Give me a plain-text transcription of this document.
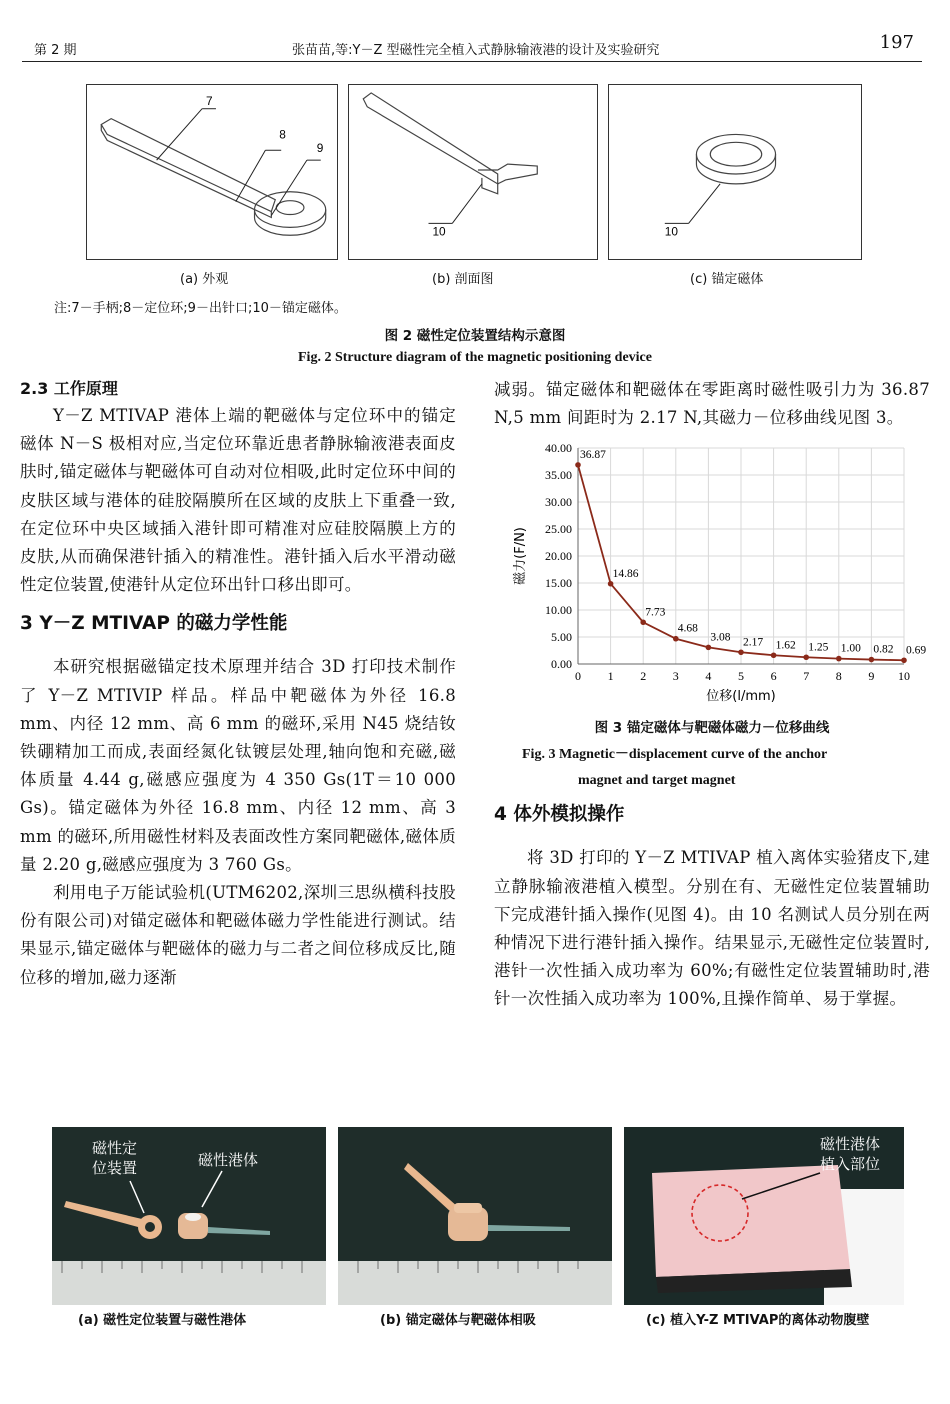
第 2 期	张苗苗,等:Y－Z 型磁性完全植入式静脉输液港的设计及实验研究	197
7
8
9
10	10
(a) 外观	(b) 剖面图	(c) 锚定磁体
注:7－手柄;8－定位环;9－出针口;10－锚定磁体。
图 2 磁性定位装置结构示意图
Fig. 2 Structure diagram of the magnetic positioning device
2.3 工作原理

Y－Z MTIVAP 港体上端的靶磁体与定位环中的锚定磁体 N－S 极相对应,当定位环靠近患者静脉输液港表面皮肤时,锚定磁体与靶磁体可自动对位相吸,此时定位环中间的皮肤区域与港体的硅胶隔膜所在区域的皮肤上下重叠一致,在定位环中央区域插入港针即可精准对应硅胶隔膜上方的皮肤,从而确保港针插入的精准性。港针插入后水平滑动磁性定位装置,使港针从定位环出针口移出即可。

3 Y－Z MTIVAP 的磁力学性能

本研究根据磁锚定技术原理并结合 3D 打印技术制作了 Y－Z MTIVIP 样品。样品中靶磁体为外径 16.8 mm、内径 12 mm、高 6 mm 的磁环,采用 N45 烧结钕铁硼精加工而成,表面经氮化钛镀层处理,轴向饱和充磁,磁体质量 4.44 g,磁感应强度为 4 350 Gs(1T＝10 000 Gs)。锚定磁体为外径 16.8 mm、内径 12 mm、高 3 mm 的磁环,所用磁性材料及表面改性方案同靶磁体,磁体质量 2.20 g,磁感应强度为 3 760 Gs。

利用电子万能试验机(UTM6202,深圳三思纵横科技股份有限公司)对锚定磁体和靶磁体磁力学性能进行测试。结果显示,锚定磁体与靶磁体的磁力与二者之间位移成反比,随位移的增加,磁力逐渐

减弱。锚定磁体和靶磁体在零距离时磁性吸引力为 36.87 N,5 mm 间距时为 2.17 N,其磁力－位移曲线见图 3。

0.00
5.00
10.00
15.00
20.00
25.00
30.00
35.00
40.00
0 1 2 3 4 5 6 7 8 9 10
36.87
14.86
7.73
4.68
3.08 2.17 1.62 1.25 1.00 0.82 0.69
位移(l/mm)
磁力(F/N)
图 3 锚定磁体与靶磁体磁力－位移曲线
Fig. 3 Magnetic－displacement curve of the anchor
magnet and target magnet
4 体外模拟操作

将 3D 打印的 Y－Z MTIVAP 植入离体实验猪皮下,建立静脉输液港植入模型。分别在有、无磁性定位装置辅助下完成港针插入操作(见图 4)。由 10 名测试人员分别在两种情况下进行港针插入操作。结果显示,无磁性定位装置时,港针一次性插入成功率为 60%;有磁性定位装置辅助时,港针一次性插入成功率为 100%,且操作简单、易于掌握。

磁性定
位装置	磁性港体
磁性港体
植入部位
(a) 磁性定位装置与磁性港体	(b) 锚定磁体与靶磁体相吸	(c) 植入Y-Z MTIVAP的离体动物腹壁
